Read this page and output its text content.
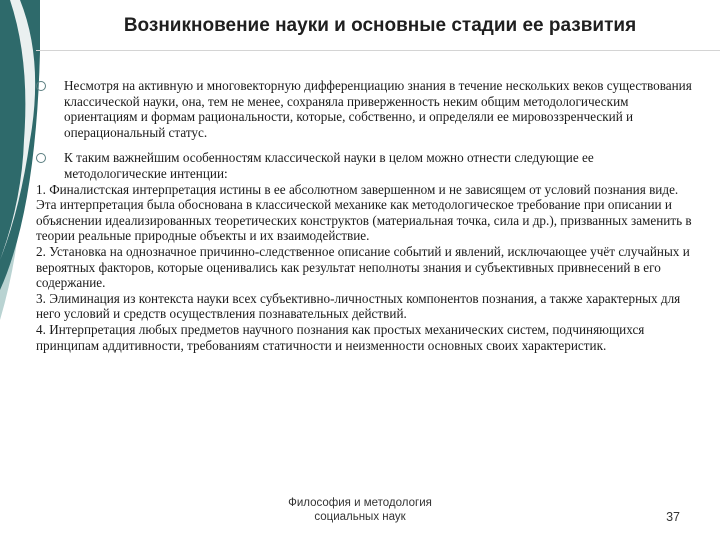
Возникновение науки и основные стадии ее развития
Несмотря на активную и многовекторную дифференциацию знания в течение нескольких веков существования классической науки, она, тем не менее, сохраняла приверженность неким общим методологическим ориентациям и формам рациональности, которые, собственно, и определяли ее мировоззренческий и операциональный статус.
К таким важнейшим особенностям классической науки в целом можно отнести следующие ее методологические интенции:

1. Финалистская интерпретация истины в ее абсолютном завершенном и не зависящем от условий познания виде. Эта интерпретация была обоснована в классической механике как методологическое требование при описании и объяснении идеализированных теоретических конструктов (материальная точка, сила и др.), призванных заменить в теории реальные природные объекты и их взаимодействие.

2. Установка на однозначное причинно-следственное описание событий и явлений, исключающее учёт случайных и вероятных факторов, которые оценивались как результат неполноты знания и субъективных привнесений в его содержание.

3. Элиминация из контекста науки всех субъективно-личностных компонентов познания, а также характерных для него условий и средств осуществления познавательных действий.

4. Интерпретация любых предметов научного познания как простых механических систем, подчиняющихся принципам аддитивности, требованиям статичности и неизменности основных своих характеристик.

Философия и методология
социальных наук	37
